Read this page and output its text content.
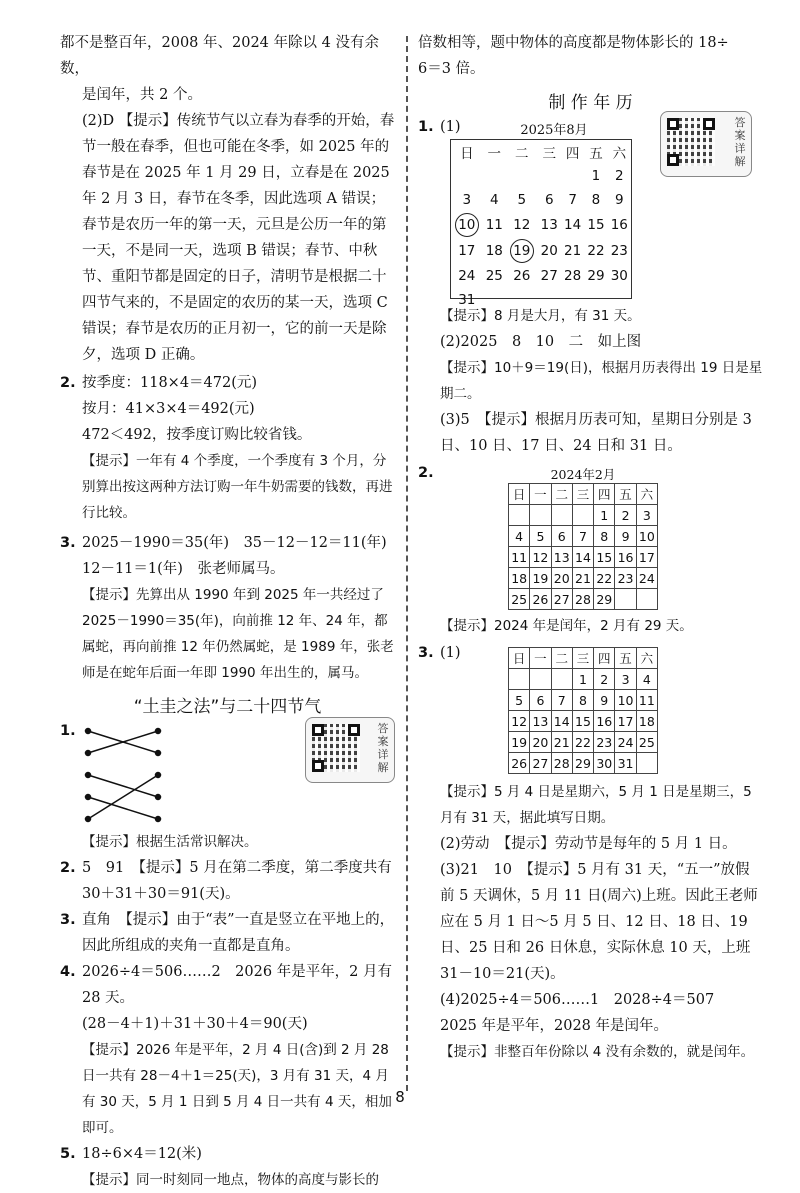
都不是整百年，2008 年、2024 年除以 4 没有余数，

是闰年，共 2 个。

(2)D 【提示】传统节气以立春为春季的开始，春节一般在春季，但也可能在冬季，如 2025 年的春节是在 2025 年 1 月 29 日，立春是在 2025 年 2 月 3 日，春节在冬季，因此选项 A 错误；春节是农历一年的第一天，元旦是公历一年的第一天，不是同一天，选项 B 错误；春节、中秋节、重阳节都是固定的日子，清明节是根据二十四节气来的，不是固定的农历的某一天，选项 C 错误；春节是农历的正月初一，它的前一天是除夕，选项 D 正确。

2. 按季度：118×4＝472(元)

按月：41×3×4＝492(元)

472＜492，按季度订购比较省钱。

【提示】一年有 4 个季度，一个季度有 3 个月，分别算出按这两种方法订购一年牛奶需要的钱数，再进行比较。

3. 2025－1990＝35(年)　35－12－12＝11(年)

12－11＝1(年)　张老师属马。

【提示】先算出从 1990 年到 2025 年一共经过了 2025－1990＝35(年)，向前推 12 年、24 年，都属蛇，再向前推 12 年仍然属蛇，是 1989 年，张老师是在蛇年后面一年即 1990 年出生的，属马。

“土圭之法”与二十四节气
1.	答
案
详
解

【提示】根据生活常识解决。

2. 5　91　【提示】5 月在第二季度，第二季度共有 30＋31＋30＝91(天)。

3. 直角　【提示】由于“表”一直是竖立在平地上的，因此所组成的夹角一直都是直角。

4. 2026÷4＝506……2　2026 年是平年，2 月有 28 天。

(28－4＋1)＋31＋30＋4＝90(天)

【提示】2026 年是平年，2 月 4 日(含)到 2 月 28 日一共有 28－4＋1＝25(天)，3 月有 31 天，4 月有 30 天，5 月 1 日到 5 月 4 日一共有 4 天，相加即可。

5. 18÷6×4＝12(米)

【提示】同一时刻同一地点，物体的高度与影长的

倍数相等，题中物体的高度都是物体影长的 18÷

6＝3 倍。

制 作 年 历
1. (1)	2025年8月
日	一	二	三	四	五	六
					1	2
3	4	5	6	7	8	9
10	11	12	13	14	15	16
17	18	19	20	21	22	23
24	25	26	27	28	29	30
31						
答
案
详
解

【提示】8 月是大月，有 31 天。

(2)2025　8　10　二　如上图

【提示】10＋9＝19(日)，根据月历表得出 19 日是星期二。

(3)5　【提示】根据月历表可知，星期日分别是 3 日、10 日、17 日、24 日和 31 日。

2.	2024年2月
日	一	二	三	四	五	六
				1	2	3
4	5	6	7	8	9	10
11	12	13	14	15	16	17
18	19	20	21	22	23	24
25	26	27	28	29		

【提示】2024 年是闰年，2 月有 29 天。

3. (1)	日	一	二	三	四	五	六
			1	2	3	4
5	6	7	8	9	10	11
12	13	14	15	16	17	18
19	20	21	22	23	24	25
26	27	28	29	30	31	

【提示】5 月 4 日是星期六，5 月 1 日是星期三，5 月有 31 天，据此填写日期。

(2)劳动　【提示】劳动节是每年的 5 月 1 日。

(3)21　10　【提示】5 月有 31 天，“五一”放假前 5 天调休，5 月 11 日(周六)上班。因此王老师应在 5 月 1 日～5 月 5 日、12 日、18 日、19 日、25 日和 26 日休息，实际休息 10 天，上班 31－10＝21(天)。

(4)2025÷4＝506……1　2028÷4＝507

2025 年是平年，2028 年是闰年。

【提示】非整百年份除以 4 没有余数的，就是闰年。

8
